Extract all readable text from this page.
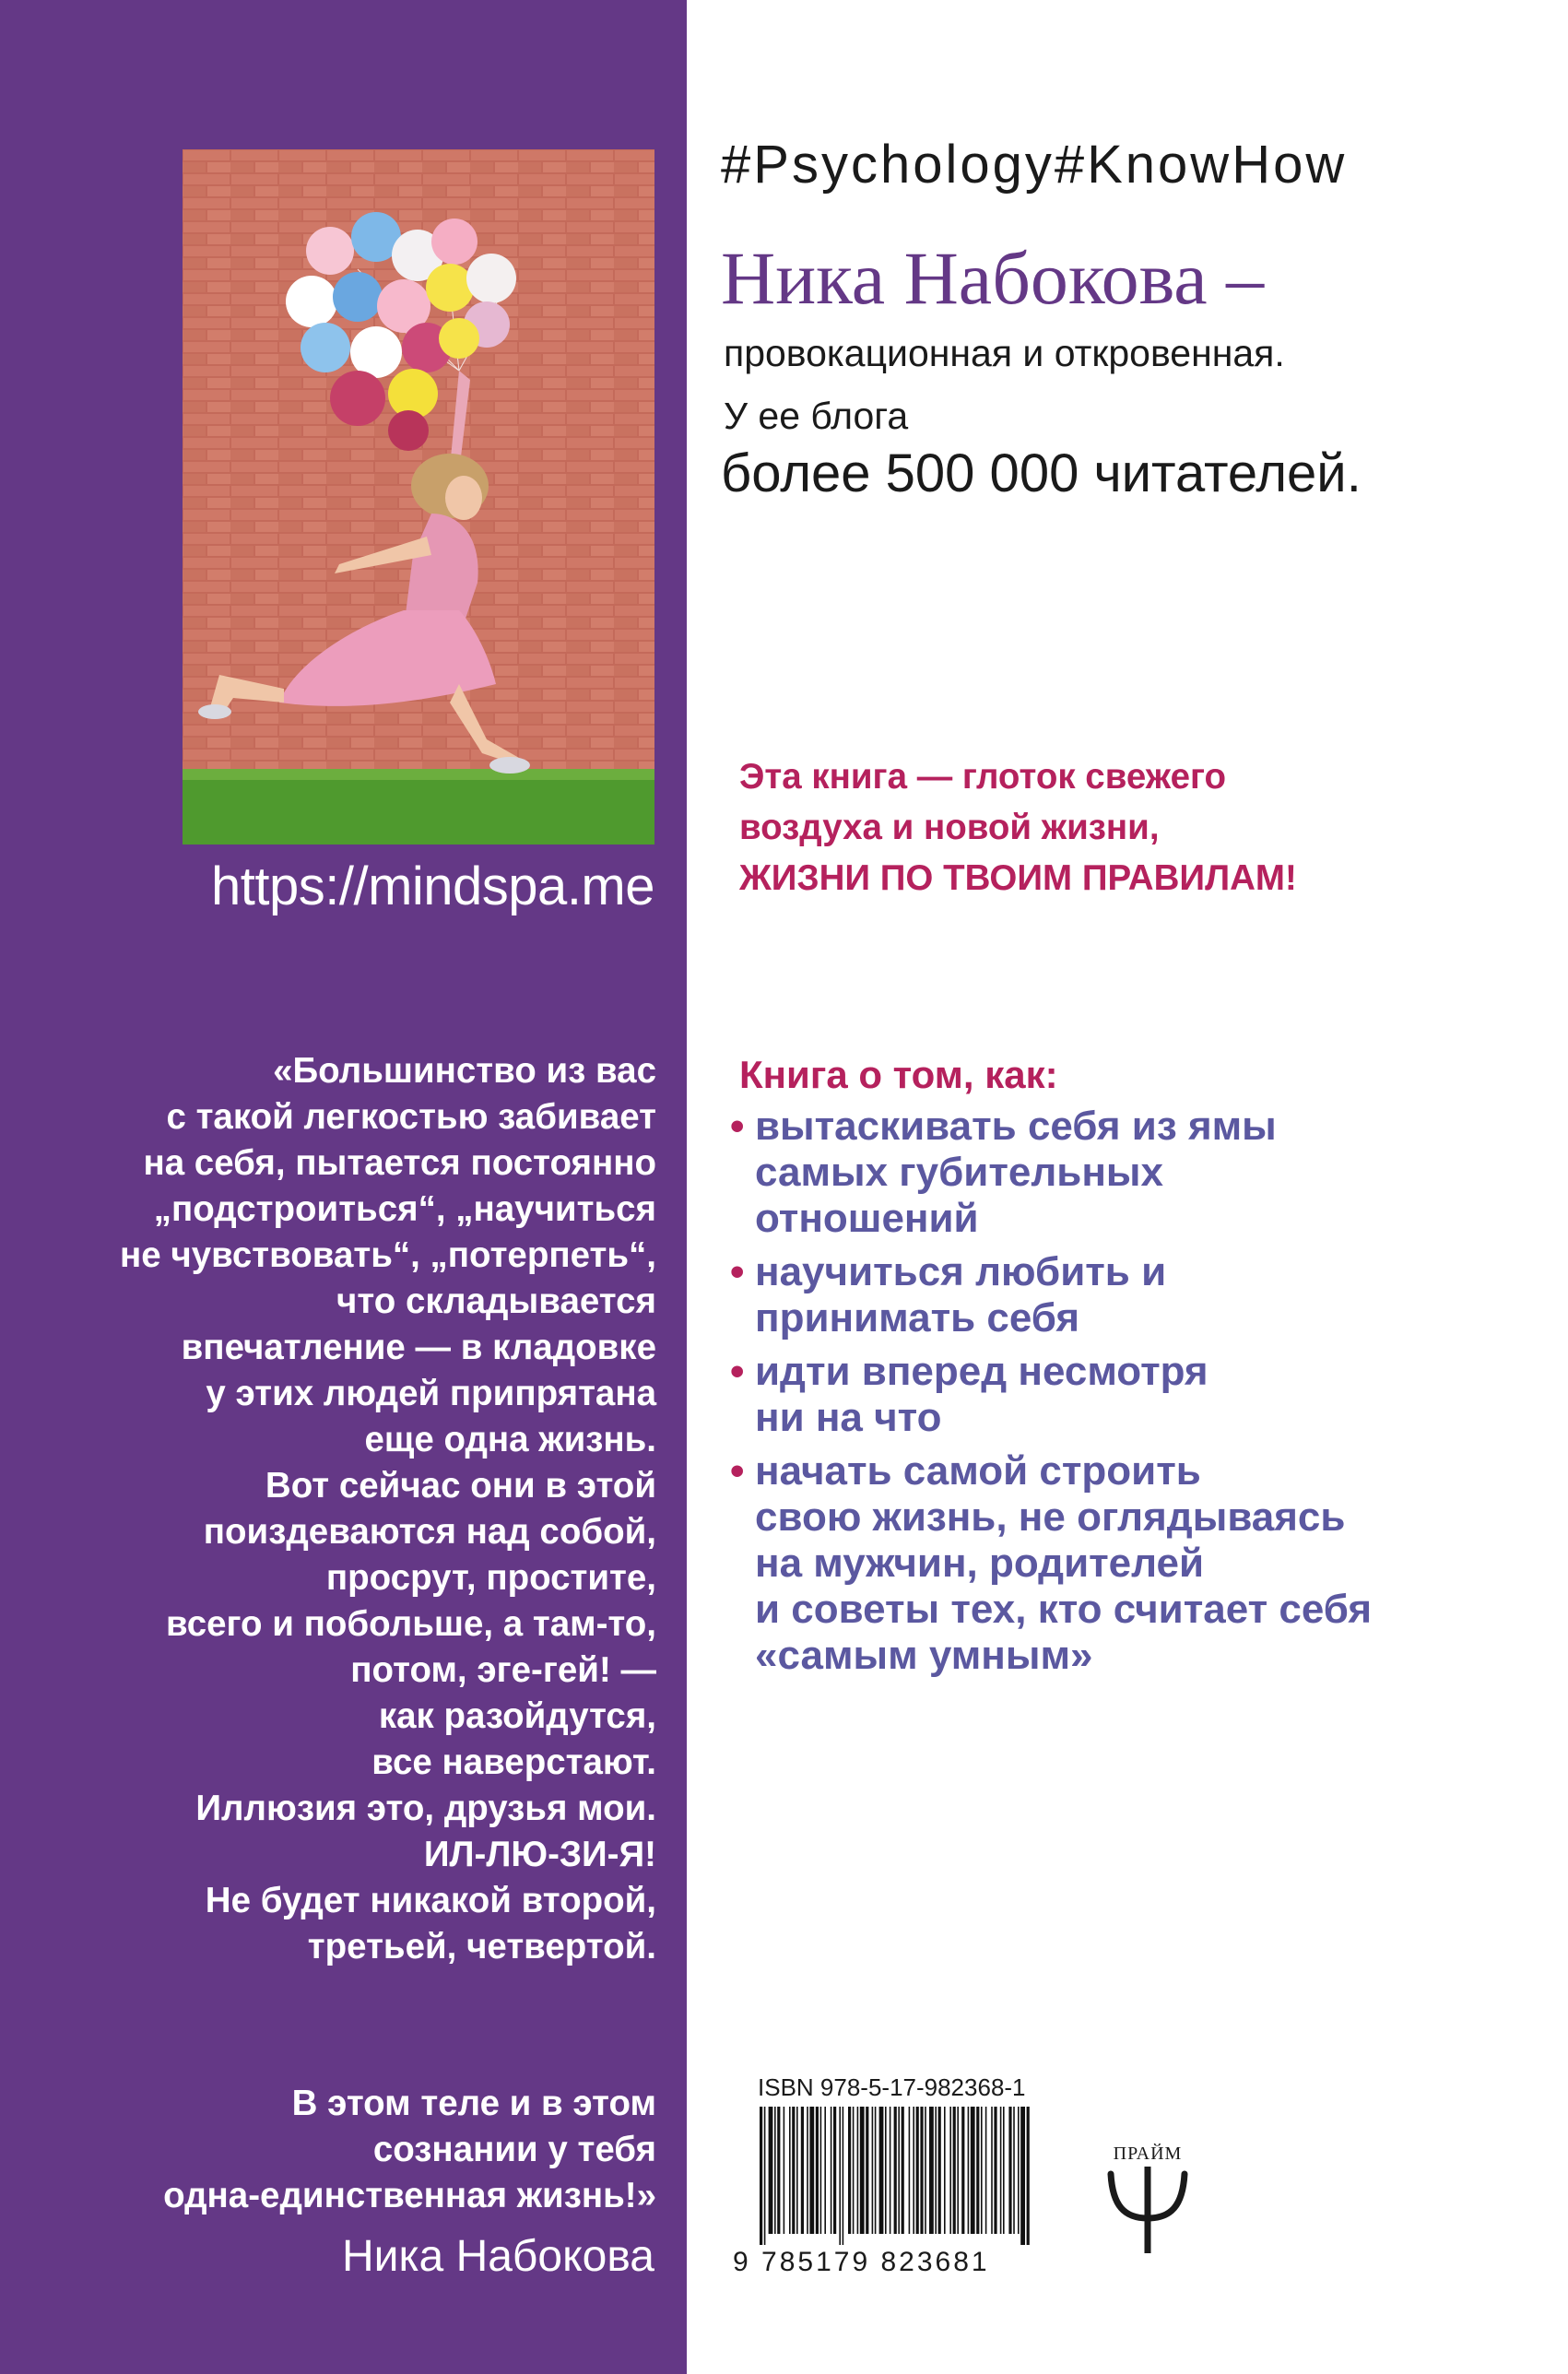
https://mindspa.me
«Большинство из вас
с такой легкостью забивает
на себя, пытается постоянно
„подстроиться“, „научиться
не чувствовать“, „потерпеть“,
что складывается
впечатление — в кладовке
у этих людей припрятана
еще одна жизнь.
Вот сейчас они в этой
поиздеваются над собой,
просрут, простите,
всего и побольше, а там-то,
потом, эге-гей! —
как разойдутся,
все наверстают.
Иллюзия это, друзья мои.
ИЛ-ЛЮ-ЗИ-Я!
Не будет никакой второй,
третьей, четвертой.
В этом теле и в этом
сознании у тебя
одна-единственная жизнь!»
Ника Набокова
#Psychology#KnowHow
Ника Набокова –
провокационная и откровенная.
У ее блога
более 500 000 читателей.
Эта книга — глоток свежего
воздуха и новой жизни,
ЖИЗНИ ПО ТВОИМ ПРАВИЛАМ!
Книга о том, как:
• вытаскивать себя из ямы
самых губительных
отношений
• научиться любить и
принимать себя
• идти вперед несмотря
ни на что
• начать самой строить
свою жизнь, не оглядываясь
на мужчин, родителей
и советы тех, кто считает себя
«самым умным»
ISBN 978-5-17-982368-1
9 785179 823681
ПРАЙМ
